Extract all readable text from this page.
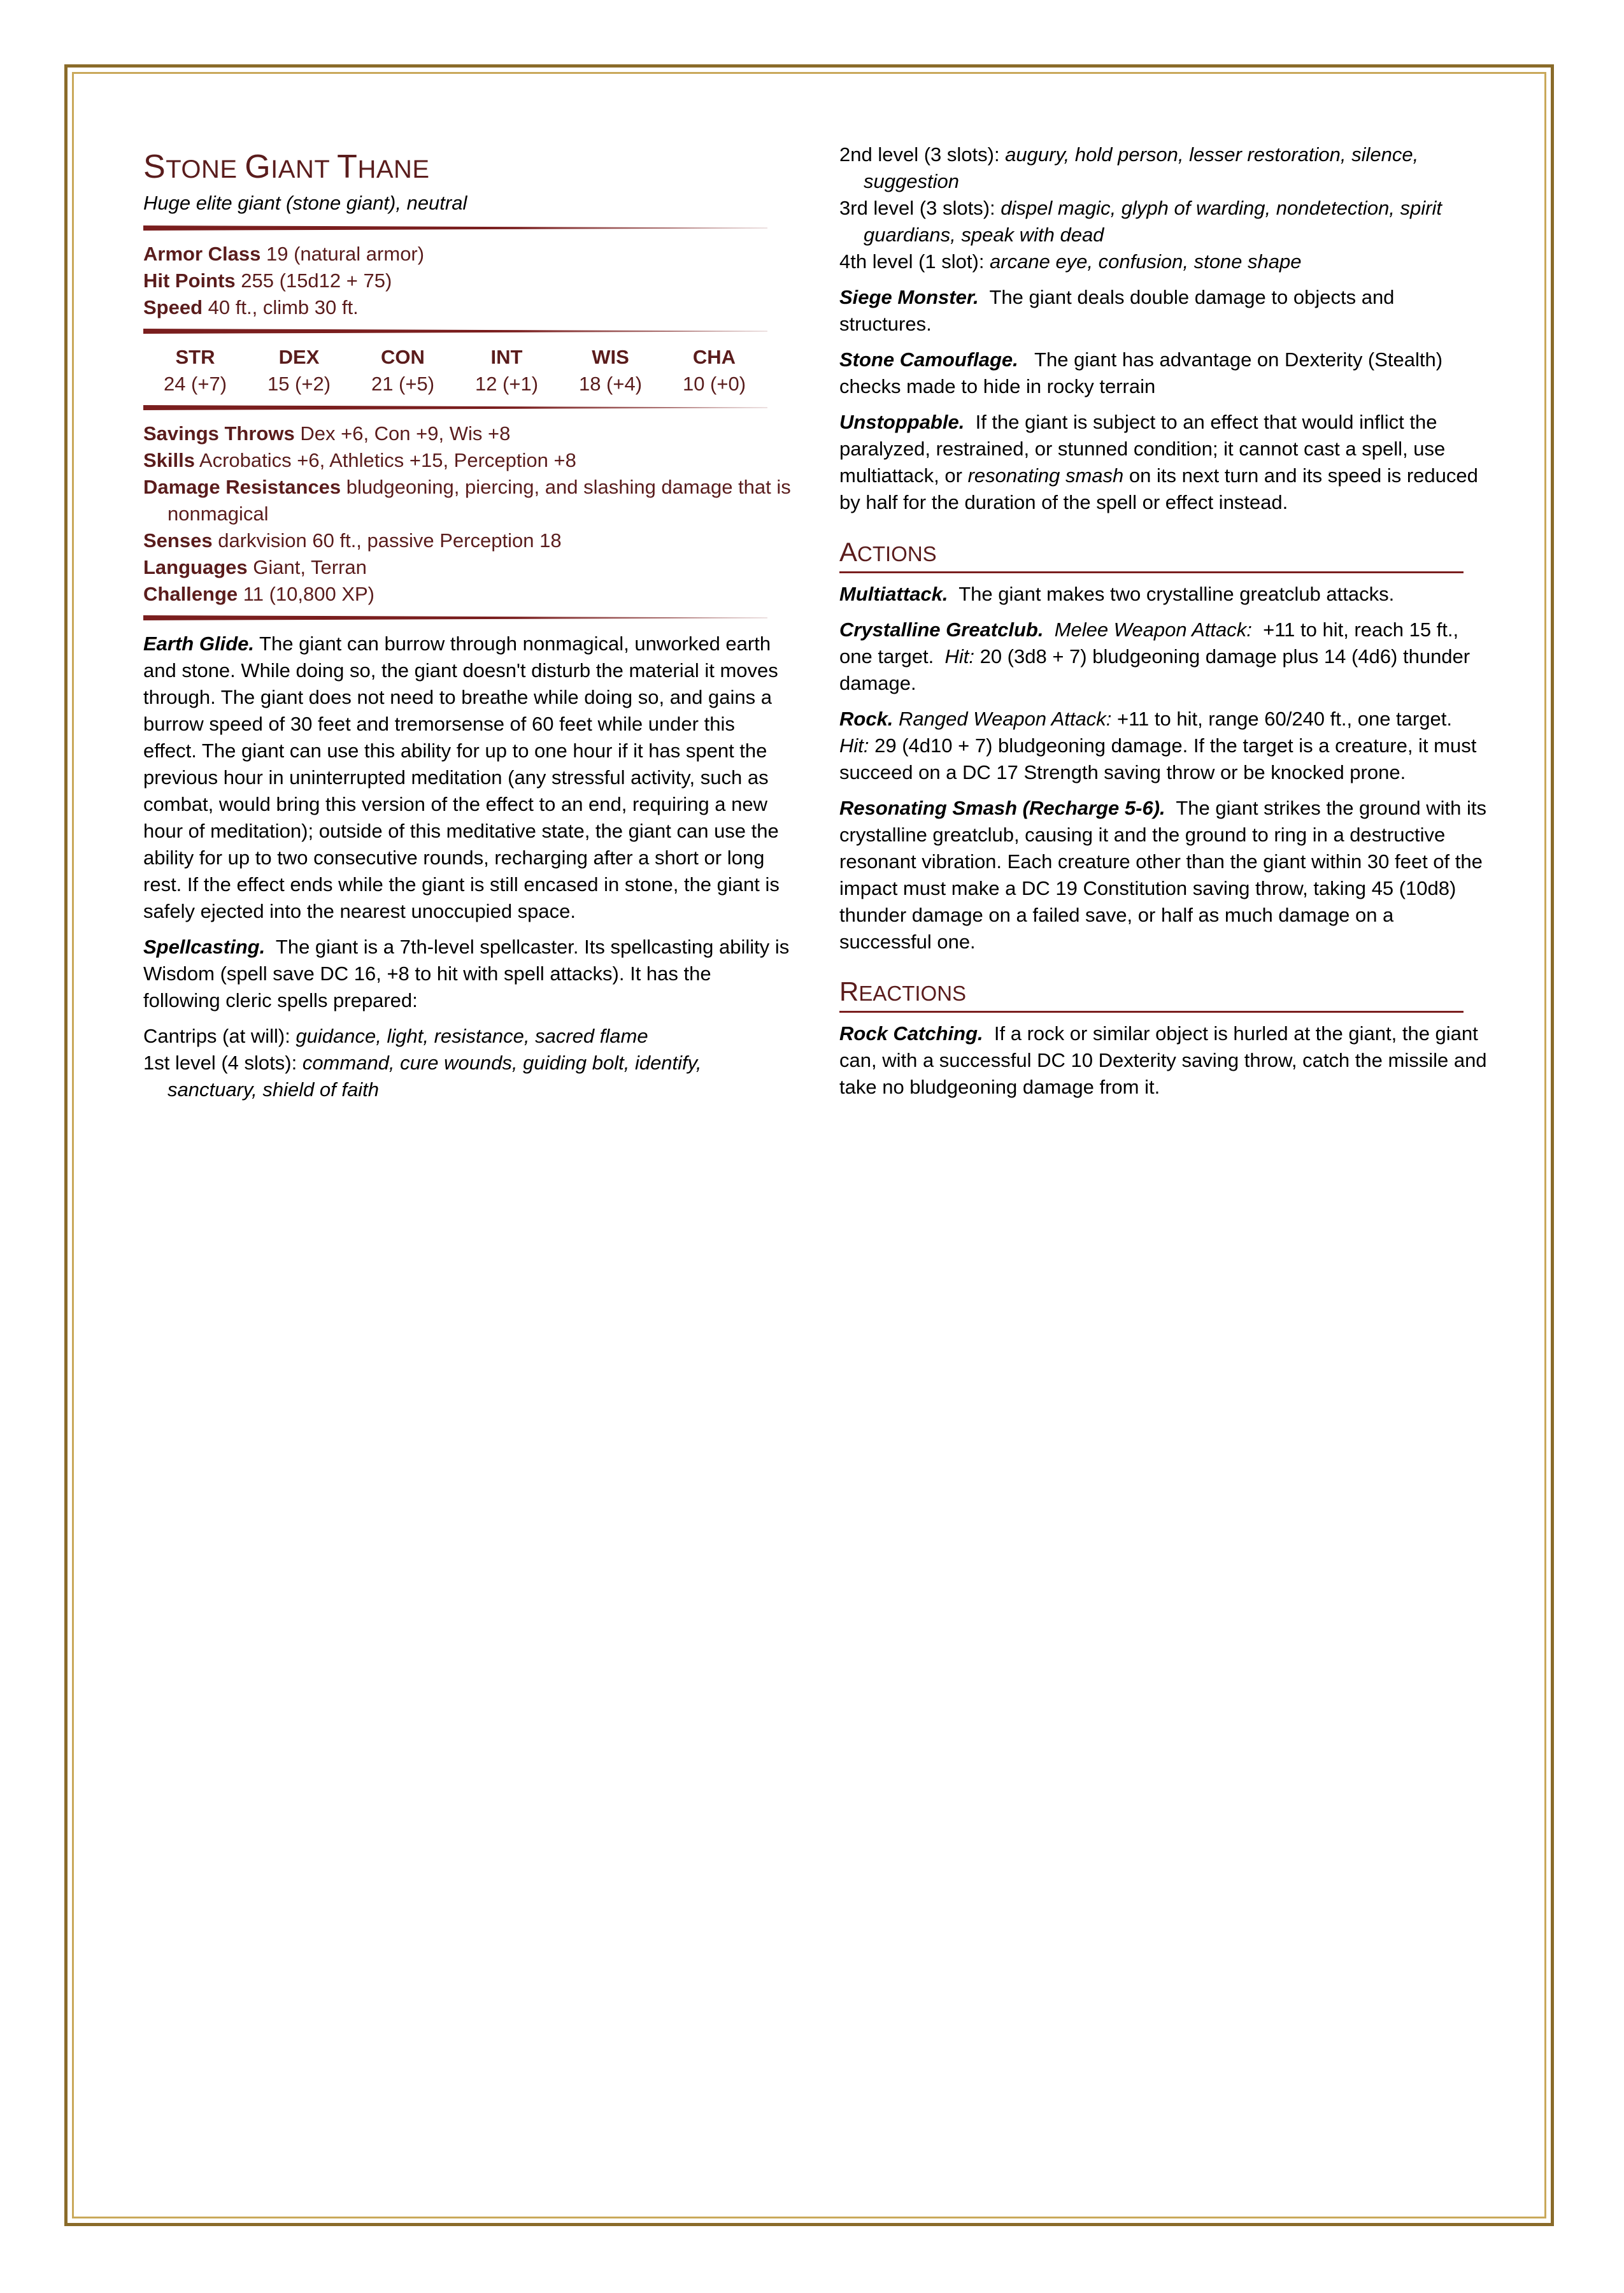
STONE GIANT THANE

Huge elite giant (stone giant), neutral

Armor Class 19 (natural armor)

Hit Points 255 (15d12 + 75)

Speed 40 ft., climb 30 ft.

STR
24 (+7)
DEX
15 (+2)
CON
21 (+5)
INT
12 (+1)
WIS
18 (+4)
CHA
10 (+0)

Savings Throws Dex +6, Con +9, Wis +8

Skills Acrobatics +6, Athletics +15, Perception +8

Damage Resistances bludgeoning, piercing, and slashing damage that is nonmagical

Senses darkvision 60 ft., passive Perception 18

Languages Giant, Terran

Challenge 11 (10,800 XP)

Earth Glide. The giant can burrow through nonmagical, unworked earth and stone. While doing so, the giant doesn't disturb the material it moves through. The giant does not need to breathe while doing so, and gains a burrow speed of 30 feet and tremorsense of 60 feet while under this effect. The giant can use this ability for up to one hour if it has spent the previous hour in uninterrupted meditation (any stressful activity, such as combat, would bring this version of the effect to an end, requiring a new hour of meditation); outside of this meditative state, the giant can use the ability for up to two consecutive rounds, recharging after a short or long rest. If the effect ends while the giant is still encased in stone, the giant is safely ejected into the nearest unoccupied space.

Spellcasting. The giant is a 7th-level spellcaster. Its spellcasting ability is Wisdom (spell save DC 16, +8 to hit with spell attacks). It has the following cleric spells prepared:

Cantrips (at will): guidance, light, resistance, sacred flame

1st level (4 slots): command, cure wounds, guiding bolt, identify, sanctuary, shield of faith

2nd level (3 slots): augury, hold person, lesser restoration, silence, suggestion

3rd level (3 slots): dispel magic, glyph of warding, nondetection, spirit guardians, speak with dead

4th level (1 slot): arcane eye, confusion, stone shape

Siege Monster. The giant deals double damage to objects and structures.

Stone Camouflage. The giant has advantage on Dexterity (Stealth) checks made to hide in rocky terrain

Unstoppable. If the giant is subject to an effect that would inflict the paralyzed, restrained, or stunned condition; it cannot cast a spell, use multiattack, or resonating smash on its next turn and its speed is reduced by half for the duration of the spell or effect instead.

ACTIONS

Multiattack. The giant makes two crystalline greatclub attacks.

Crystalline Greatclub. Melee Weapon Attack: +11 to hit, reach 15 ft., one target. Hit: 20 (3d8 + 7) bludgeoning damage plus 14 (4d6) thunder damage.

Rock. Ranged Weapon Attack: +11 to hit, range 60/240 ft., one target.  Hit: 29 (4d10 + 7) bludgeoning damage. If the target is a creature, it must succeed on a DC 17 Strength saving throw or be knocked prone.

Resonating Smash (Recharge 5-6). The giant strikes the ground with its crystalline greatclub, causing it and the ground to ring in a destructive resonant vibration. Each creature other than the giant within 30 feet of the impact must make a DC 19 Constitution saving throw, taking 45 (10d8) thunder damage on a failed save, or half as much damage on a successful one.

REACTIONS

Rock Catching. If a rock or similar object is hurled at the giant, the giant can, with a successful DC 10 Dexterity saving throw, catch the missile and take no bludgeoning damage from it.
